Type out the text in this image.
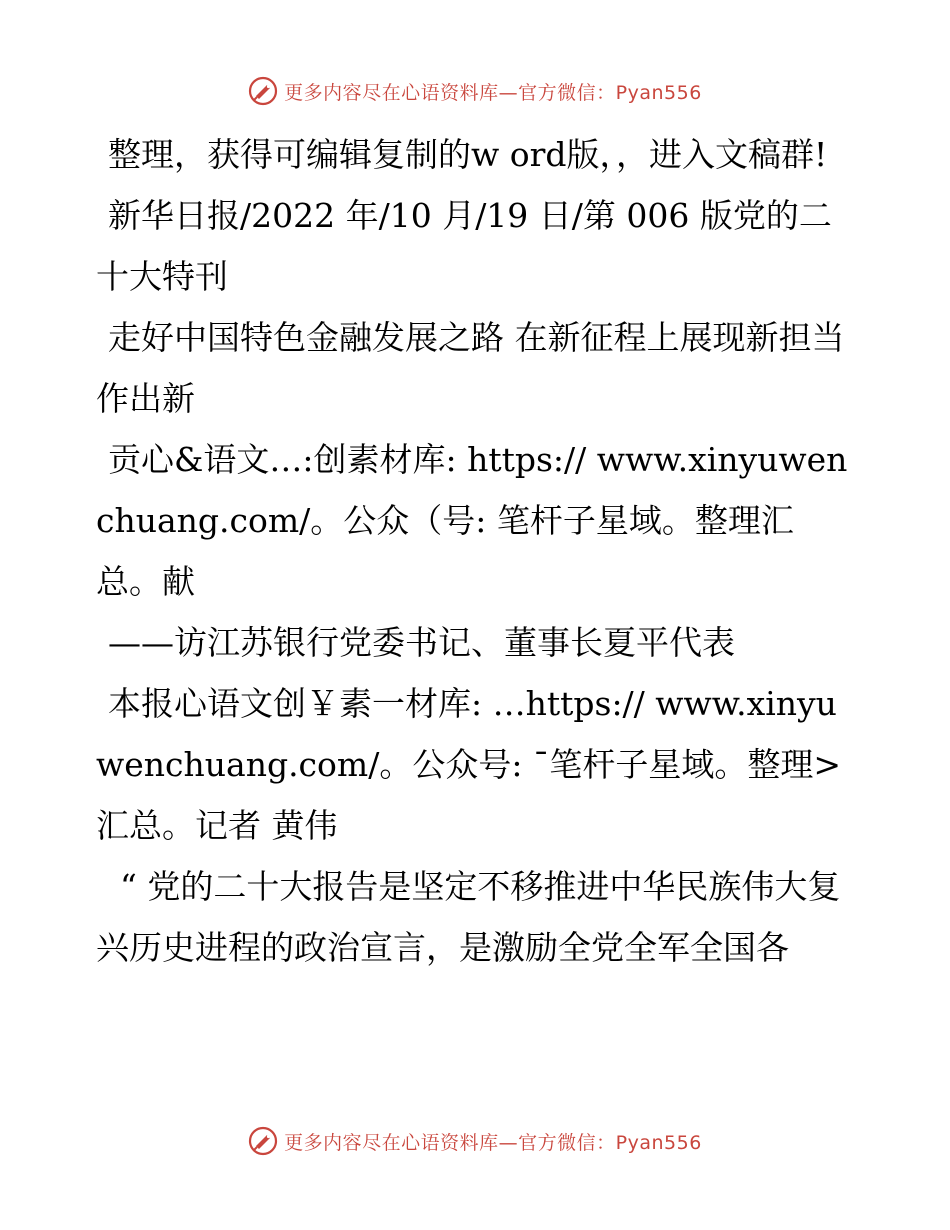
更多内容尽在心语资料库—官方微信：Pyan556

整理，获得可编辑复制的w ord版，，进入文稿群!

新华日报/2022 年/10 月/19 日/第 006 版党的二十大特刊

走好中国特色金融发展之路 在新征程上展现新担当作出新

贡心&语文…:创素材库: https:// www.xinyuwenchuang.com/。公众（号: 笔杆子星域。整理汇总。献

——访江苏银行党委书记、董事长夏平代表

本报心语文创￥素一材库: …https:// www.xinyuwenchuang.com/。公众号: ¯笔杆子星域。整理>汇总。记者 黄伟

“ 党的二十大报告是坚定不移推进中华民族伟大复兴历史进程的政治宣言，是激励全党全军全国各

更多内容尽在心语资料库—官方微信：Pyan556
